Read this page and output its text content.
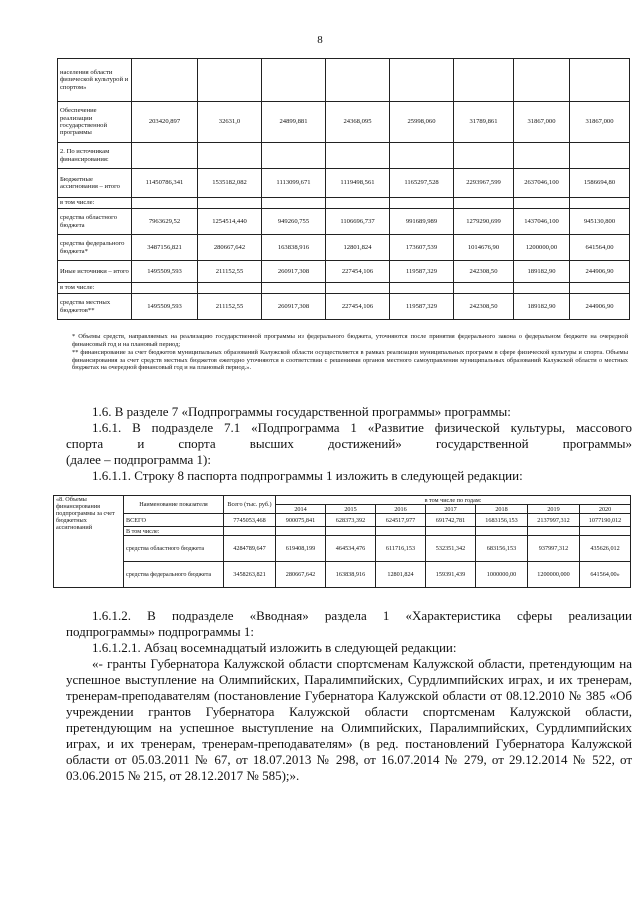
8
населения области физической культурой и спортом»								
Обеспечение реализации государственной программы	203420,897	32631,0	24899,881	24368,095	25998,060	31789,861	31867,000	31867,000
2. По источникам финансирования:								
Бюджетные ассигнования – итого	11450786,341	1535182,082	1113099,671	1119498,561	1165297,528	2293967,599	2637046,100	1586694,80
в том числе:								
средства областного бюджета	7963629,52	1254514,440	949260,755	1106696,737	991689,989	1279290,699	1437046,100	945130,800
средства федерального бюджета*	3487156,821	280667,642	163838,916	12801,824	173607,539	1014676,90	1200000,00	641564,00
Иные источники – итого	1495509,593	211152,55	260917,308	227454,106	119587,329	242308,50	189182,90	244906,90
в том числе:								
средства местных бюджетов**	1495509,593	211152,55	260917,308	227454,106	119587,329	242308,50	189182,90	244906,90
* Объемы средств, направляемых на реализацию государственной программы из федерального бюджета, уточняются после принятия федерального закона о федеральном бюджете на очередной финансовый год и на плановый период;
** финансирование за счет бюджетов муниципальных образований Калужской области осуществляется в рамках реализации муниципальных программ в сфере физической культуры и спорта. Объемы финансирования за счет средств местных бюджетов ежегодно уточняются в соответствии с решениями органов местного самоуправления муниципальных образований Калужской области о местных бюджетах на очередной финансовый год и на плановый период.».
1.6. В разделе 7 «Подпрограммы государственной программы» программы:
1.6.1. В подразделе 7.1 «Подпрограмма 1 «Развитие физической культуры, массового
спорта и спорта высших достижений» государственной программы»
(далее – подпрограмма 1):
1.6.1.1. Строку 8 паспорта подпрограммы 1 изложить в следующей редакции:
«8. Объемы финансирования подпрограммы за счет бюджетных ассигнований	Наименование показателя	Всего (тыс. руб.)	в том числе по годам:						
			2014	2015	2016	2017	2018	2019	2020
	ВСЕГО	7745053,468	900075,841	628373,392	624517,977	691742,781	1683156,153	2137997,312	1077190,012
	В том числе:								
	средства областного бюджета	4284789,647	619408,199	464534,476	611716,153	532351,342	683156,153	937997,312	435626,012
	средства федерального бюджета	3458263,821	280667,642	163838,916	12801,824	159391,439	1000000,00	1200000,000	641564,00»
1.6.1.2. В подразделе «Вводная» раздела 1 «Характеристика сферы реализации
подпрограммы» подпрограммы 1:
1.6.1.2.1. Абзац восемнадцатый изложить в следующей редакции:
«- гранты Губернатора Калужской области спортсменам Калужской области, претендующим на успешное выступление на Олимпийских, Паралимпийских, Сурдлимпийских играх, и их тренерам, тренерам-преподавателям (постановление Губернатора Калужской области от 08.12.2010 № 385 «Об учреждении грантов Губернатора Калужской области спортсменам Калужской области, претендующим на успешное выступление на Олимпийских, Паралимпийских, Сурдлимпийских играх, и их тренерам, тренерам-преподавателям» (в ред. постановлений Губернатора Калужской области от 05.03.2011 № 67, от 18.07.2013 № 298, от 16.07.2014 № 279, от 29.12.2014 № 522, от 03.06.2015 № 215, от 28.12.2017 № 585);».
